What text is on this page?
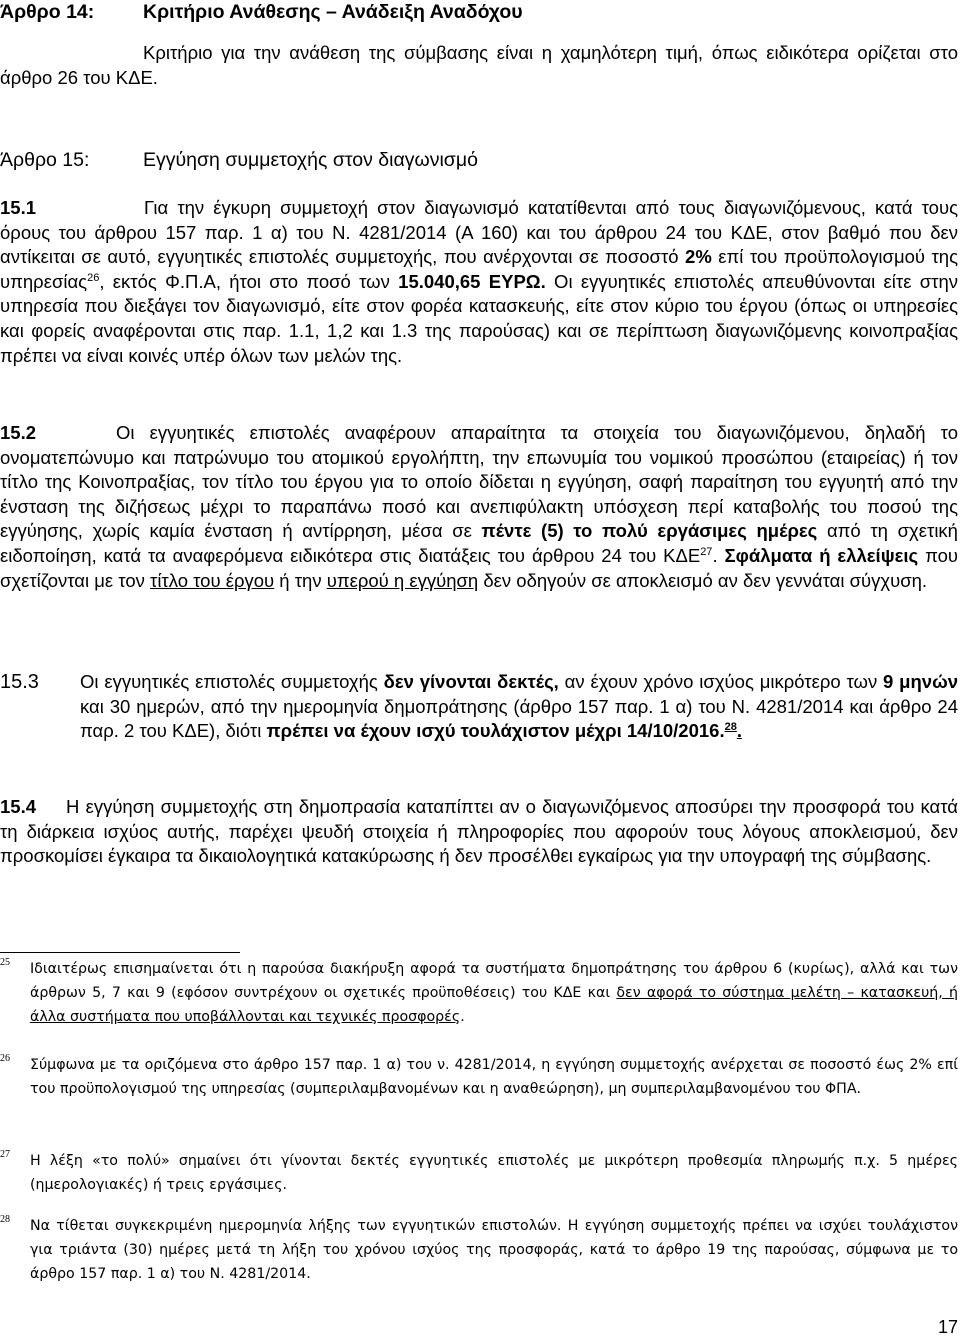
Άρθρο 14: Κριτήριο Ανάθεσης – Ανάδειξη Αναδόχου

Κριτήριο για την ανάθεση της σύμβασης είναι η χαμηλότερη τιμή, όπως ειδικότερα ορίζεται στο άρθρο 26 του ΚΔΕ.

Άρθρο 15:	Εγγύηση συμμετοχής στον διαγωνισμό

15.1	Για την έγκυρη συμμετοχή στον διαγωνισμό κατατίθενται από τους διαγωνιζόμενους, κατά τους όρους του άρθρου 157 παρ. 1 α) του Ν. 4281/2014 (Α 160) και του άρθρου 24 του ΚΔΕ, στον βαθμό που δεν αντίκειται σε αυτό, εγγυητικές επιστολές συμμετοχής, που ανέρχονται σε ποσοστό 2% επί του προϋπολογισμού της υπηρεσίας$^{26}$, εκτός Φ.Π.Α, ήτοι στο ποσό των 15.040,65 ΕΥΡΩ. Οι εγγυητικές επιστολές απευθύνονται είτε στην υπηρεσία που διεξάγει τον διαγωνισμό, είτε στον φορέα κατασκευής, είτε στον κύριο του έργου (όπως οι υπηρεσίες και φορείς αναφέρονται στις παρ. 1.1, 1,2 και 1.3 της παρούσας) και σε περίπτωση διαγωνιζόμενης κοινοπραξίας πρέπει να είναι κοινές υπέρ όλων των μελών της.

15.2	Οι εγγυητικές επιστολές αναφέρουν απαραίτητα τα στοιχεία του διαγωνιζόμενου, δηλαδή το ονοματεπώνυμο και πατρώνυμο του ατομικού εργολήπτη, την επωνυμία του νομικού προσώπου (εταιρείας) ή τον τίτλο της Κοινοπραξίας, τον τίτλο του έργου για το οποίο δίδεται η εγγύηση, σαφή παραίτηση του εγγυητή από την ένσταση της διζήσεως μέχρι το παραπάνω ποσό και ανεπιφύλακτη υπόσχεση περί καταβολής του ποσού της εγγύησης, χωρίς καμία ένσταση ή αντίρρηση, μέσα σε πέντε (5) το πολύ εργάσιμες ημέρες από τη σχετική ειδοποίηση, κατά τα αναφερόμενα ειδικότερα στις διατάξεις του άρθρου 24 του ΚΔΕ$^{27}$. Σφάλματα ή ελλείψεις που σχετίζονται με τον τίτλο του έργου ή την υπερού η εγγύηση δεν οδηγούν σε αποκλεισμό αν δεν γεννάται σύγχυση.

15.3 Οι εγγυητικές επιστολές συμμετοχής δεν γίνονται δεκτές, αν έχουν χρόνο ισχύος μικρότερο των 9 μηνών και 30 ημερών, από την ημερομηνία δημοπράτησης (άρθρο 157 παρ. 1 α) του Ν. 4281/2014 και άρθρο 24 παρ. 2 του ΚΔΕ), διότι πρέπει να έχουν ισχύ τουλάχιστον μέχρι 14/10/2016.28.

15.4 Η εγγύηση συμμετοχής στη δημοπρασία καταπίπτει αν ο διαγωνιζόμενος αποσύρει την προσφορά του κατά τη διάρκεια ισχύος αυτής, παρέχει ψευδή στοιχεία ή πληροφορίες που αφορούν τους λόγους αποκλεισμού, δεν προσκομίσει έγκαιρα τα δικαιολογητικά κατακύρωσης ή δεν προσέλθει εγκαίρως για την υπογραφή της σύμβασης.

25	Ιδιαιτέρως επισημαίνεται ότι η παρούσα διακήρυξη αφορά τα συστήματα δημοπράτησης του άρθρου 6 (κυρίως), αλλά και των άρθρων 5, 7 και 9 (εφόσον συντρέχουν οι σχετικές προϋποθέσεις) του ΚΔΕ και δεν αφορά το σύστημα μελέτη – κατασκευή, ή άλλα συστήματα που υποβάλλονται και τεχνικές προσφορές.
26	Σύμφωνα με τα οριζόμενα στο άρθρο 157 παρ. 1 α) του ν. 4281/2014, η εγγύηση συμμετοχής ανέρχεται σε ποσοστό έως 2% επί του προϋπολογισμού της υπηρεσίας (συμπεριλαμβανομένων και η αναθεώρηση), μη συμπεριλαμβανομένου του ΦΠΑ.
27	Η λέξη «το πολύ» σημαίνει ότι γίνονται δεκτές εγγυητικές επιστολές με μικρότερη προθεσμία πληρωμής π.χ. 5 ημέρες (ημερολογιακές) ή τρεις εργάσιμες.
28	Να τίθεται συγκεκριμένη ημερομηνία λήξης των εγγυητικών επιστολών. Η εγγύηση συμμετοχής πρέπει να ισχύει τουλάχιστον για τριάντα (30) ημέρες μετά τη λήξη του χρόνου ισχύος της προσφοράς, κατά το άρθρο 19 της παρούσας, σύμφωνα με το άρθρο 157 παρ. 1 α) του Ν. 4281/2014.
17
